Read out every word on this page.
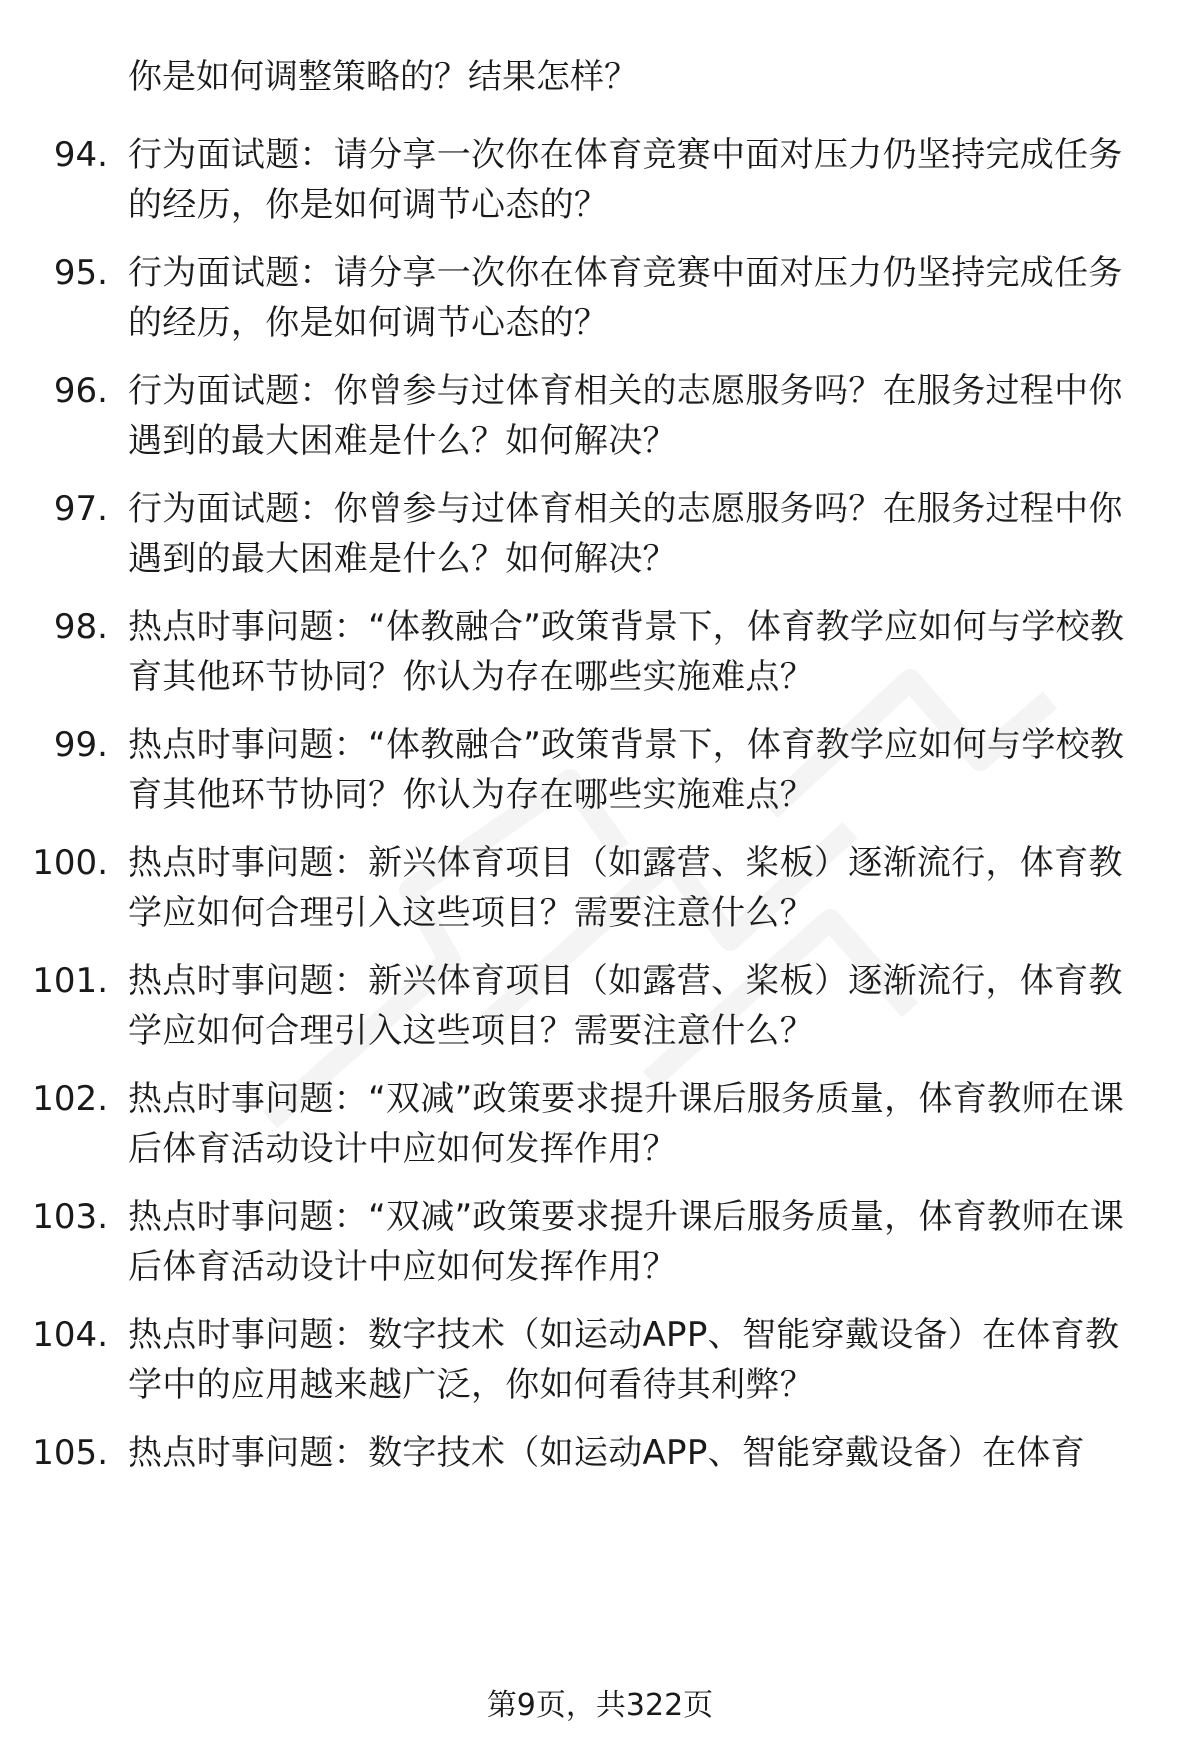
你是如何调整策略的？结果怎样？
94. 行为面试题：请分享一次你在体育竞赛中面对压力仍坚持完成任务的经历，你是如何调节心态的？
95. 行为面试题：请分享一次你在体育竞赛中面对压力仍坚持完成任务的经历，你是如何调节心态的？
96. 行为面试题：你曾参与过体育相关的志愿服务吗？在服务过程中你遇到的最大困难是什么？如何解决？
97. 行为面试题：你曾参与过体育相关的志愿服务吗？在服务过程中你遇到的最大困难是什么？如何解决？
98. 热点时事问题：“体教融合”政策背景下，体育教学应如何与学校教育其他环节协同？你认为存在哪些实施难点？
99. 热点时事问题：“体教融合”政策背景下，体育教学应如何与学校教育其他环节协同？你认为存在哪些实施难点？
100. 热点时事问题：新兴体育项目（如露营、桨板）逐渐流行，体育教学应如何合理引入这些项目？需要注意什么？
101. 热点时事问题：新兴体育项目（如露营、桨板）逐渐流行，体育教学应如何合理引入这些项目？需要注意什么？
102. 热点时事问题：“双减”政策要求提升课后服务质量，体育教师在课后体育活动设计中应如何发挥作用？
103. 热点时事问题：“双减”政策要求提升课后服务质量，体育教师在课后体育活动设计中应如何发挥作用？
104. 热点时事问题：数字技术（如运动APP、智能穿戴设备）在体育教学中的应用越来越广泛，你如何看待其利弊？
105. 热点时事问题：数字技术（如运动APP、智能穿戴设备）在体育
第9页，共322页
